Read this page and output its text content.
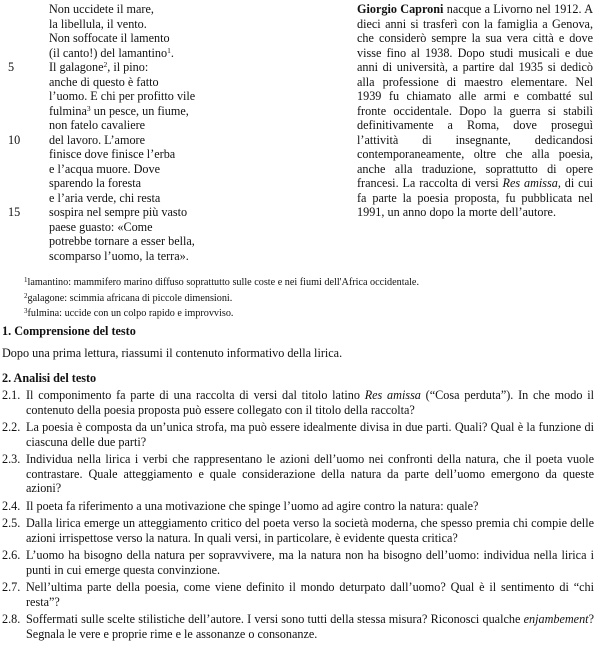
Non uccidete il mare,
la libellula, il vento.
Non soffocate il lamento
(il canto!) del lamantino$^1$.
5	Il galagone$^2$, il pino:
anche di questo è fatto
l’uomo. E chi per profitto vile
fulmina$^3$ un pesce, un fiume,
non fatelo cavaliere
10 del lavoro. L’amore
finisce dove finisce l’erba
e l’acqua muore. Dove
sparendo la foresta
e l’aria verde, chi resta
15 sospira nel sempre più vasto
paese guasto: «Come
potrebbe tornare a esser bella,
scomparso l’uomo, la terra».
Giorgio Caproni nacque a Livorno nel 1912. A dieci anni si trasferì con la famiglia a Genova, che considerò sempre la sua vera città e dove visse fino al 1938. Dopo studi musicali e due anni di università, a partire dal 1935 si dedicò alla professione di maestro elementare. Nel 1939 fu chiamato alle armi e combatté sul fronte occidentale. Dopo la guerra si stabilì definitivamente a Roma, dove proseguì l’attività di insegnante, dedicandosi contemporaneamente, oltre che alla poesia, anche alla traduzione, soprattutto di opere francesi. La raccolta di versi Res amissa, di cui fa parte la poesia proposta, fu pubblicata nel 1991, un anno dopo la morte dell’autore.
$^1$lamantino: mammifero marino diffuso soprattutto sulle coste e nei fiumi dell'Africa occidentale.
$^2$galagone: scimmia africana di piccole dimensioni.
$^3$fulmina: uccide con un colpo rapido e improvviso.
1. Comprensione del testo
Dopo una prima lettura, riassumi il contenuto informativo della lirica.
2. Analisi del testo
2.1. Il componimento fa parte di una raccolta di versi dal titolo latino Res amissa (“Cosa perduta”). In che modo il contenuto della poesia proposta può essere collegato con il titolo della raccolta?
2.2. La poesia è composta da un’unica strofa, ma può essere idealmente divisa in due parti. Quali? Qual è la funzione di ciascuna delle due parti?
2.3. Individua nella lirica i verbi che rappresentano le azioni dell’uomo nei confronti della natura, che il poeta vuole contrastare. Quale atteggiamento e quale considerazione della natura da parte dell’uomo emergono da queste azioni?
2.4. Il poeta fa riferimento a una motivazione che spinge l’uomo ad agire contro la natura: quale?
2.5. Dalla lirica emerge un atteggiamento critico del poeta verso la società moderna, che spesso premia chi compie delle azioni irrispettose verso la natura. In quali versi, in particolare, è evidente questa critica?
2.6. L’uomo ha bisogno della natura per sopravvivere, ma la natura non ha bisogno dell’uomo: individua nella lirica i punti in cui emerge questa convinzione.
2.7. Nell’ultima parte della poesia, come viene definito il mondo deturpato dall’uomo? Qual è il sentimento di “chi resta”?
2.8. Soffermati sulle scelte stilistiche dell’autore. I versi sono tutti della stessa misura? Riconosci qualche enjambement? Segnala le vere e proprie rime e le assonanze o consonanze.
